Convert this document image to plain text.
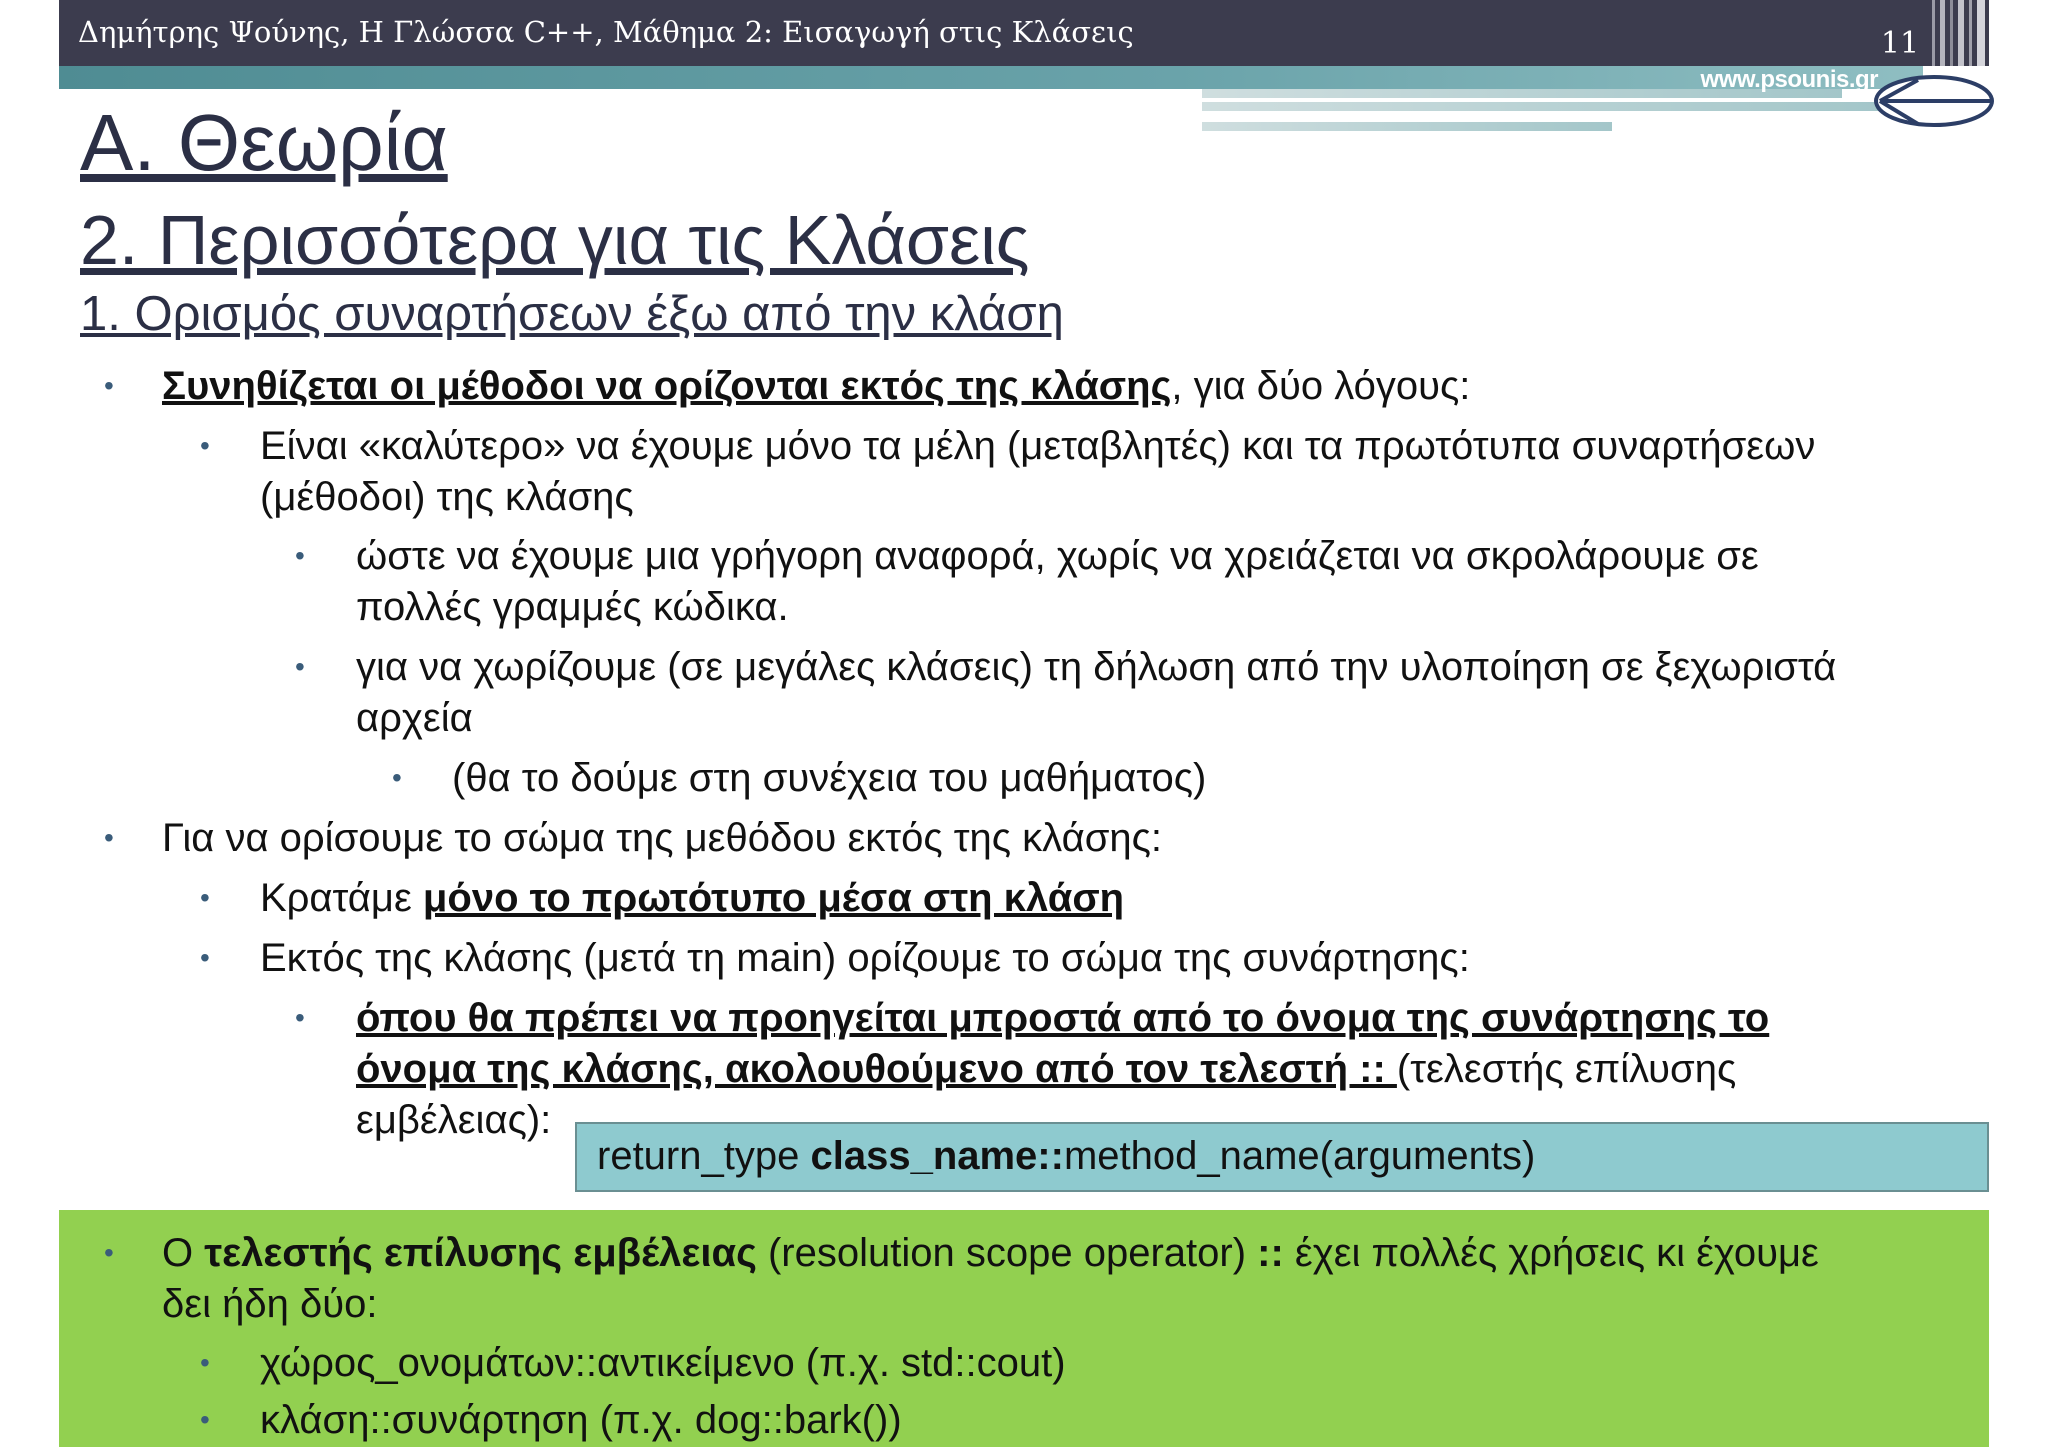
Δημήτρης Ψούνης, Η Γλώσσα C++, Μάθημα 2: Εισαγωγή στις Κλάσεις	11
www.psounis.gr
Α. Θεωρία
2. Περισσότερα για τις Κλάσεις
1. Ορισμός συναρτήσεων έξω από την κλάση
• Συνηθίζεται οι μέθοδοι να ορίζονται εκτός της κλάσης, για δύο λόγους:

• Είναι «καλύτερο» να έχουμε μόνο τα μέλη (μεταβλητές) και τα πρωτότυπα συναρτήσεων

(μέθοδοι) της κλάσης

• ώστε να έχουμε μια γρήγορη αναφορά, χωρίς να χρειάζεται να σκρολάρουμε σε

πολλές γραμμές κώδικα.

• για να χωρίζουμε (σε μεγάλες κλάσεις) τη δήλωση από την υλοποίηση σε ξεχωριστά

αρχεία

• (θα το δούμε στη συνέχεια του μαθήματος)

• Για να ορίσουμε το σώμα της μεθόδου εκτός της κλάσης:

• Κρατάμε μόνο το πρωτότυπο μέσα στη κλάση

• Εκτός της κλάσης (μετά τη main) ορίζουμε το σώμα της συνάρτησης:

• όπου θα πρέπει να προηγείται μπροστά από το όνομα της συνάρτησης το

όνομα της κλάσης, ακολουθούμενο από τον τελεστή :: (τελεστής επίλυσης

εμβέλειας):

return_type class_name::method_name(arguments)
• Ο τελεστής επίλυσης εμβέλειας (resolution scope operator) :: έχει πολλές χρήσεις κι έχουμε

δει ήδη δύο:

• χώρος_ονομάτων::αντικείμενο (π.χ. std::cout)

• κλάση::συνάρτηση (π.χ. dog::bark())
